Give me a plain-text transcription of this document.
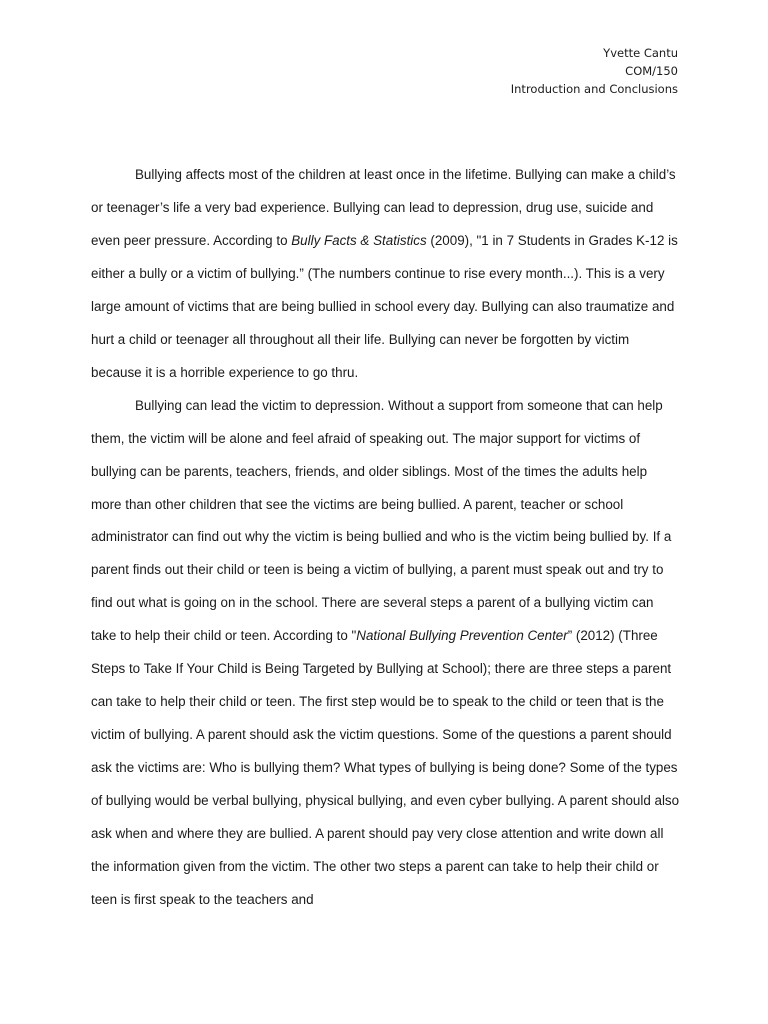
Yvette Cantu
COM/150
Introduction and Conclusions

Bullying affects most of the children at least once in the lifetime. Bullying can make a child’s or teenager’s life a very bad experience. Bullying can lead to depression, drug use, suicide and even peer pressure. According to Bully Facts & Statistics (2009), "1 in 7 Students in Grades K-12 is either a bully or a victim of bullying.” (The numbers continue to rise every month...). This is a very large amount of victims that are being bullied in school every day. Bullying can also traumatize and hurt a child or teenager all throughout all their life. Bullying can never be forgotten by victim because it is a horrible experience to go thru.

Bullying can lead the victim to depression. Without a support from someone that can help them, the victim will be alone and feel afraid of speaking out. The major support for victims of bullying can be parents, teachers, friends, and older siblings. Most of the times the adults help more than other children that see the victims are being bullied. A parent, teacher or school administrator can find out why the victim is being bullied and who is the victim being bullied by. If a parent finds out their child or teen is being a victim of bullying, a parent must speak out and try to find out what is going on in the school. There are several steps a parent of a bullying victim can take to help their child or teen. According to "National Bullying Prevention Center” (2012) (Three Steps to Take If Your Child is Being Targeted by Bullying at School); there are three steps a parent can take to help their child or teen. The first step would be to speak to the child or teen that is the victim of bullying. A parent should ask the victim questions. Some of the questions a parent should ask the victims are: Who is bullying them? What types of bullying is being done? Some of the types of bullying would be verbal bullying, physical bullying, and even cyber bullying. A parent should also ask when and where they are bullied. A parent should pay very close attention and write down all the information given from the victim. The other two steps a parent can take to help their child or teen is first speak to the teachers and
